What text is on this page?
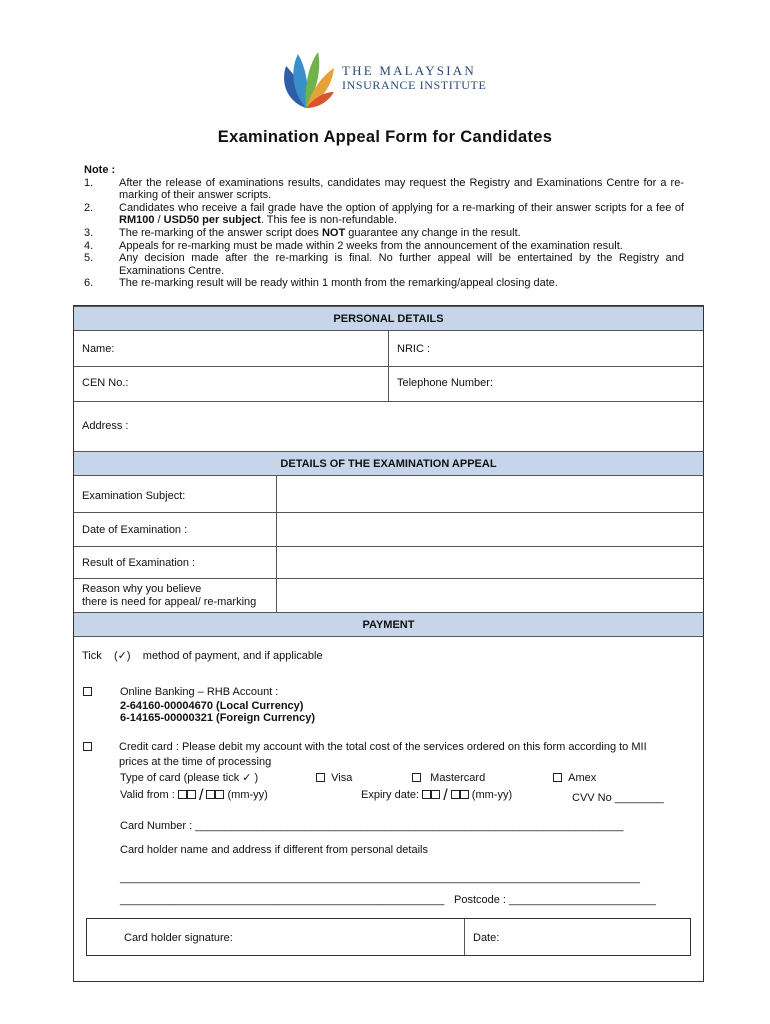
THE MALAYSIAN
INSURANCE INSTITUTE
Examination Appeal Form for Candidates
Note :
1.	After the release of examinations results, candidates may request the Registry and Examinations Centre for a re-marking of their answer scripts.
2.	Candidates who receive a fail grade have the option of applying for a re-marking of their answer scripts for a fee of RM100 / USD50 per subject. This fee is non-refundable.
3.	The re-marking of the answer script does NOT guarantee any change in the result.
4.	Appeals for re-marking must be made within 2 weeks from the announcement of the examination result.
5.	Any decision made after the re-marking is final. No further appeal will be entertained by the Registry and Examinations Centre.
6.	The re-marking result will be ready within 1 month from the remarking/appeal closing date.
PERSONAL DETAILS
Name:	NRIC :
CEN No.:	Telephone Number:
Address :
DETAILS OF THE EXAMINATION APPEAL
Examination Subject:
Date of Examination :
Result of Examination :
Reason why you believe
there is need for appeal/ re-marking
PAYMENT
Tick (✓) method of payment, and if applicable
Online Banking – RHB Account :
2-64160-00004670 (Local Currency)
6-14165-00000321 (Foreign Currency)
Credit card : Please debit my account with the total cost of the services ordered on this form according to MII
prices at the time of processing
Type of card (please tick ✓ )	Visa	Mastercard	Amex
Valid from : / (mm-yy)	Expiry date: / (mm-yy)	CVV No ________
Card Number : ______________________________________________________________________
Card holder name and address if different from personal details
_____________________________________________________________________________________
_____________________________________________________ Postcode : ________________________
Card holder signature:	Date:
